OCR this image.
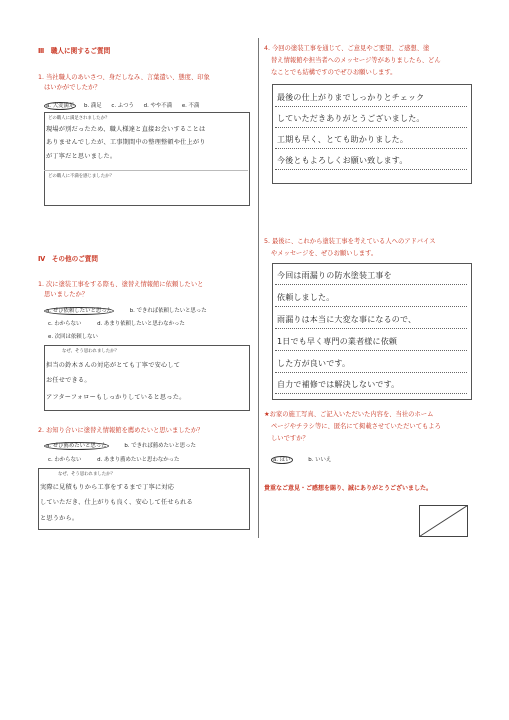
Ⅲ　職人に関するご質問
1. 当社職人のあいさつ、身だしなみ、言葉遣い、態度、印象
はいかがでしたか？
a. 大変満足 b. 満足 c. ふつう d. やや不満 e. 不満
どの職人に満足されましたか？
現場が別だったため、職人様達と直接お会いすることは
ありませんでしたが、工事期間中の整理整頓や仕上がり
が丁寧だと思いました。
どの職人に不満を感じましたか？
Ⅳ　その他のご質問
1. 次に塗装工事をする際も、塗替え情報館に依頼したいと
思いましたか？
a. ぜひ依頼したいと思った	b. できれば依頼したいと思った
c. わからない	d. あまり依頼したいと思わなかった
e. 次回は依頼しない
なぜ、そう思われましたか？
担当の鈴木さんの対応がとても丁寧で安心して
お任せできる。
アフターフォローもしっかりしていると思った。
2. お知り合いに塗替え情報館を薦めたいと思いましたか？
a. ぜひ薦めたいと思った	b. できれば薦めたいと思った
c. わからない	d. あまり薦めたいと思わなかった
なぜ、そう思われましたか？
実際に見積もりから工事をするまで丁寧に対応
していただき、仕上がりも良く、安心して任せられる
と思うから。
4. 今回の塗装工事を通じて、ご意見やご要望、ご感想、塗
替え情報館や担当者へのメッセージ等がありましたら、どん
なことでも結構ですのでぜひお願いします。
最後の仕上がりまでしっかりとチェック
していただきありがとうございました。
工期も早く、とても助かりました。
今後ともよろしくお願い致します。
5. 最後に、これから塗装工事を考えている人へのアドバイス
やメッセージを、ぜひお願いします。
今回は雨漏りの防水塗装工事を
依頼しました。
雨漏りは本当に大変な事になるので、
1日でも早く専門の業者様に依頼
した方が良いです。
自力で補修では解決しないです。
★お家の施工写真、ご記入いただいた内容を、当社のホーム
ページやチラシ等に、匿名にて掲載させていただいてもよろ
しいですか？
a. はい	b. いいえ
貴重なご意見・ご感想を賜り、誠にありがとうございました。
